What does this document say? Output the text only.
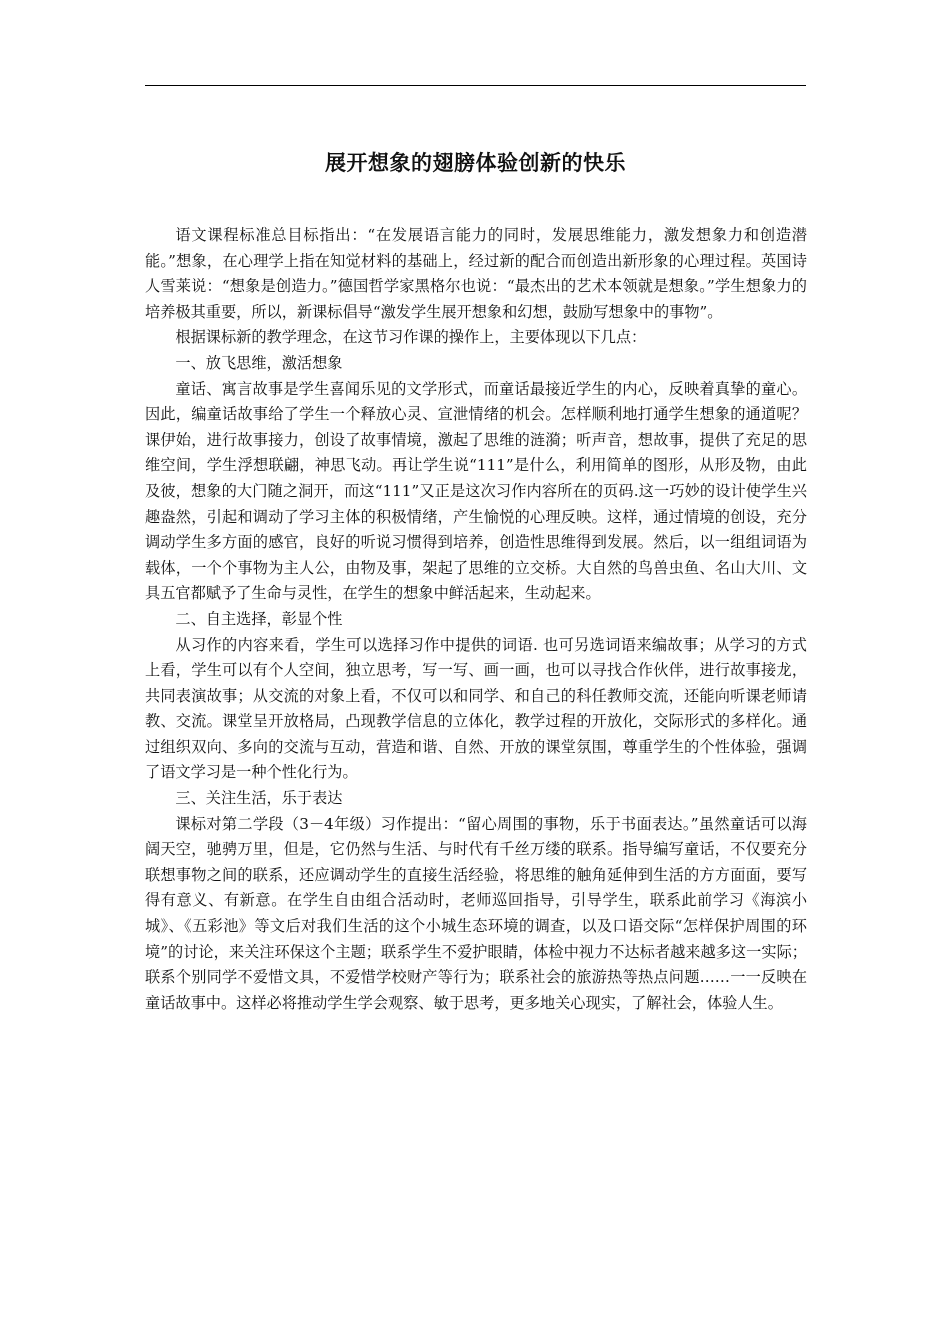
展开想象的翅膀体验创新的快乐

语文课程标准总目标指出：“在发展语言能力的同时，发展思维能力，激发想象力和创造潜能。”想象，在心理学上指在知觉材料的基础上，经过新的配合而创造出新形象的心理过程。英国诗人雪莱说：“想象是创造力。”德国哲学家黑格尔也说：“最杰出的艺术本领就是想象。”学生想象力的培养极其重要，所以，新课标倡导“激发学生展开想象和幻想，鼓励写想象中的事物”。

根据课标新的教学理念，在这节习作课的操作上，主要体现以下几点：

一、放飞思维，激活想象

童话、寓言故事是学生喜闻乐见的文学形式，而童话最接近学生的内心，反映着真挚的童心。因此，编童话故事给了学生一个释放心灵、宣泄情绪的机会。怎样顺利地打通学生想象的通道呢？课伊始，进行故事接力，创设了故事情境，激起了思维的涟漪；听声音，想故事，提供了充足的思维空间，学生浮想联翩，神思飞动。再让学生说“111”是什么，利用简单的图形，从形及物，由此及彼，想象的大门随之洞开，而这“111”又正是这次习作内容所在的页码.这一巧妙的设计使学生兴趣盎然，引起和调动了学习主体的积极情绪，产生愉悦的心理反映。这样，通过情境的创设，充分调动学生多方面的感官，良好的听说习惯得到培养，创造性思维得到发展。然后，以一组组词语为载体，一个个事物为主人公，由物及事，架起了思维的立交桥。大自然的鸟兽虫鱼、名山大川、文具五官都赋予了生命与灵性，在学生的想象中鲜活起来，生动起来。

二、自主选择，彰显个性

从习作的内容来看，学生可以选择习作中提供的词语. 也可另选词语来编故事；从学习的方式上看，学生可以有个人空间，独立思考，写一写、画一画，也可以寻找合作伙伴，进行故事接龙，共同表演故事；从交流的对象上看，不仅可以和同学、和自己的科任教师交流，还能向听课老师请教、交流。课堂呈开放格局，凸现教学信息的立体化，教学过程的开放化，交际形式的多样化。通过组织双向、多向的交流与互动，营造和谐、自然、开放的课堂氛围，尊重学生的个性体验，强调了语文学习是一种个性化行为。

三、关注生活，乐于表达

课标对第二学段（3－4年级）习作提出：“留心周围的事物，乐于书面表达。”虽然童话可以海阔天空，驰骋万里，但是，它仍然与生活、与时代有千丝万缕的联系。指导编写童话，不仅要充分联想事物之间的联系，还应调动学生的直接生活经验，将思维的触角延伸到生活的方方面面，要写得有意义、有新意。在学生自由组合活动时，老师巡回指导，引导学生，联系此前学习《海滨小城》、《五彩池》等文后对我们生活的这个小城生态环境的调查，以及口语交际“怎样保护周围的环境”的讨论，来关注环保这个主题；联系学生不爱护眼睛，体检中视力不达标者越来越多这一实际；联系个别同学不爱惜文具，不爱惜学校财产等行为；联系社会的旅游热等热点问题……一一反映在童话故事中。这样必将推动学生学会观察、敏于思考，更多地关心现实，了解社会，体验人生。
